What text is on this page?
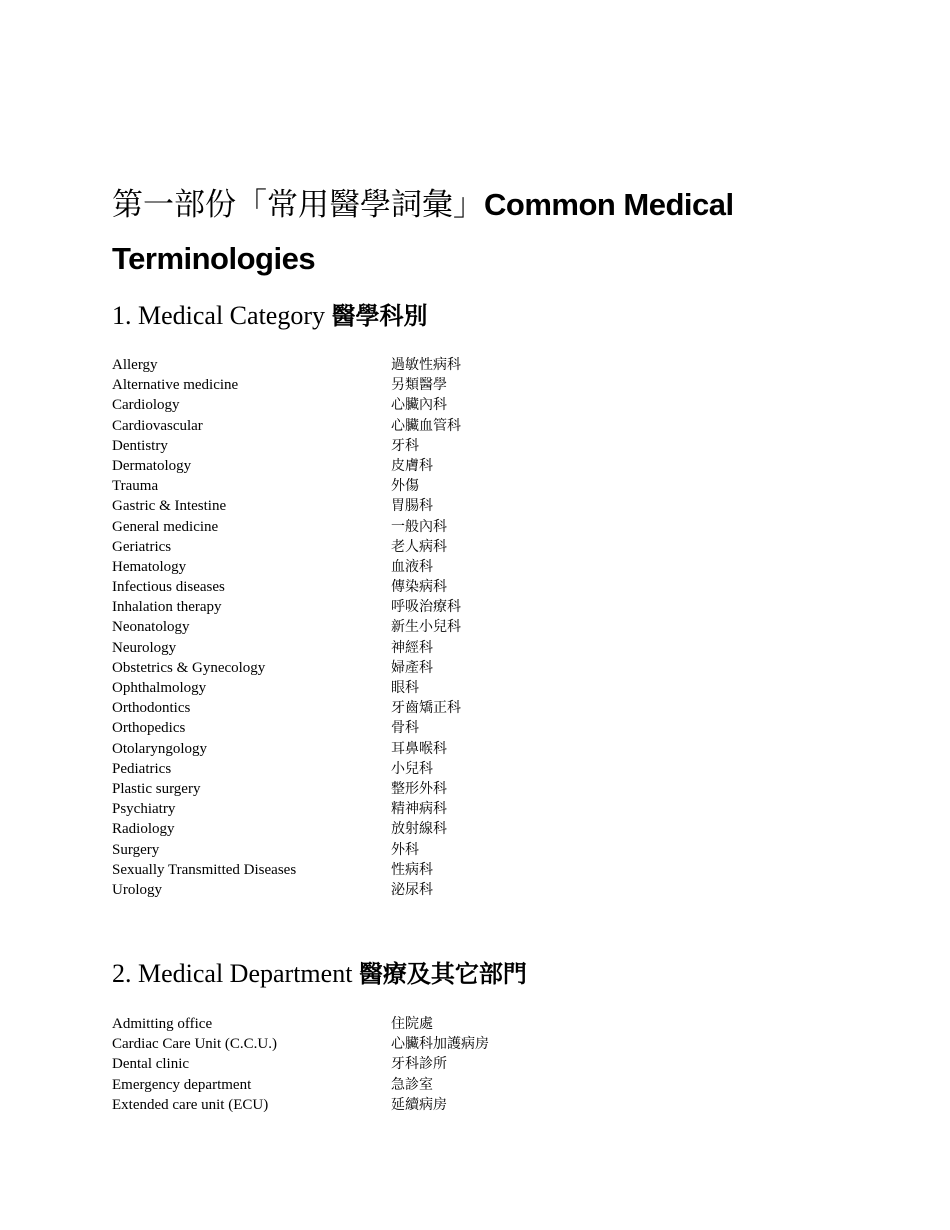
第一部份「常用醫學詞彙」Common Medical Terminologies
1. Medical Category 醫學科別
Allergy	過敏性病科
Alternative medicine	另類醫學
Cardiology	心臟內科
Cardiovascular	心臟血管科
Dentistry	牙科
Dermatology	皮膚科
Trauma	外傷
Gastric & Intestine	胃腸科
General medicine	一般內科
Geriatrics	老人病科
Hematology	血液科
Infectious diseases	傳染病科
Inhalation therapy	呼吸治療科
Neonatology	新生小兒科
Neurology	神經科
Obstetrics & Gynecology	婦產科
Ophthalmology	眼科
Orthodontics	牙齒矯正科
Orthopedics	骨科
Otolaryngology	耳鼻喉科
Pediatrics	小兒科
Plastic surgery	整形外科
Psychiatry	精神病科
Radiology	放射線科
Surgery	外科
Sexually Transmitted Diseases	性病科
Urology	泌尿科
2. Medical Department 醫療及其它部門
Admitting office	住院處
Cardiac Care Unit (C.C.U.)	心臟科加護病房
Dental clinic	牙科診所
Emergency department	急診室
Extended care unit (ECU)	延續病房
